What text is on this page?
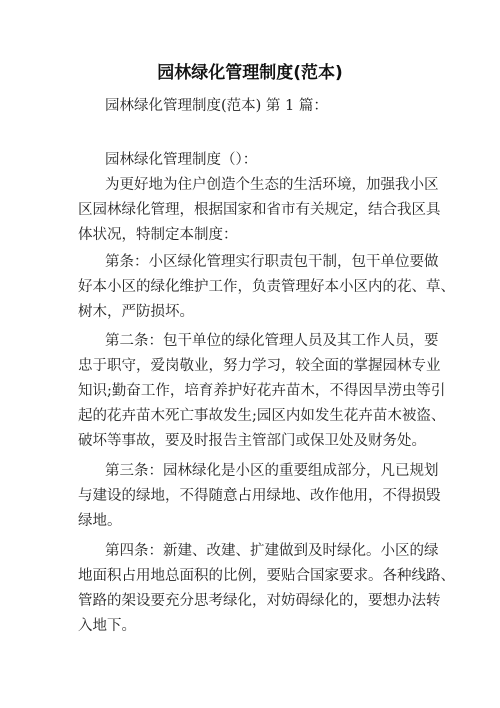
园林绿化管理制度(范本)
园林绿化管理制度(范本) 第 1 篇：
园林绿化管理制度（）：
为更好地为住户创造个生态的生活环境，加强我小区
区园林绿化管理，根据国家和省市有关规定，结合我区具
体状况，特制定本制度：
第条：小区绿化管理实行职责包干制，包干单位要做
好本小区的绿化维护工作，负责管理好本小区内的花、草、
树木，严防损坏。
第二条：包干单位的绿化管理人员及其工作人员，要
忠于职守，爱岗敬业，努力学习，较全面的掌握园林专业
知识;勤奋工作，培育养护好花卉苗木，不得因旱涝虫等引
起的花卉苗木死亡事故发生;园区内如发生花卉苗木被盗、
破坏等事故，要及时报告主管部门或保卫处及财务处。
第三条：园林绿化是小区的重要组成部分，凡已规划
与建设的绿地，不得随意占用绿地、改作他用，不得损毁
绿地。
第四条：新建、改建、扩建做到及时绿化。小区的绿
地面积占用地总面积的比例，要贴合国家要求。各种线路、
管路的架设要充分思考绿化，对妨碍绿化的，要想办法转
入地下。
